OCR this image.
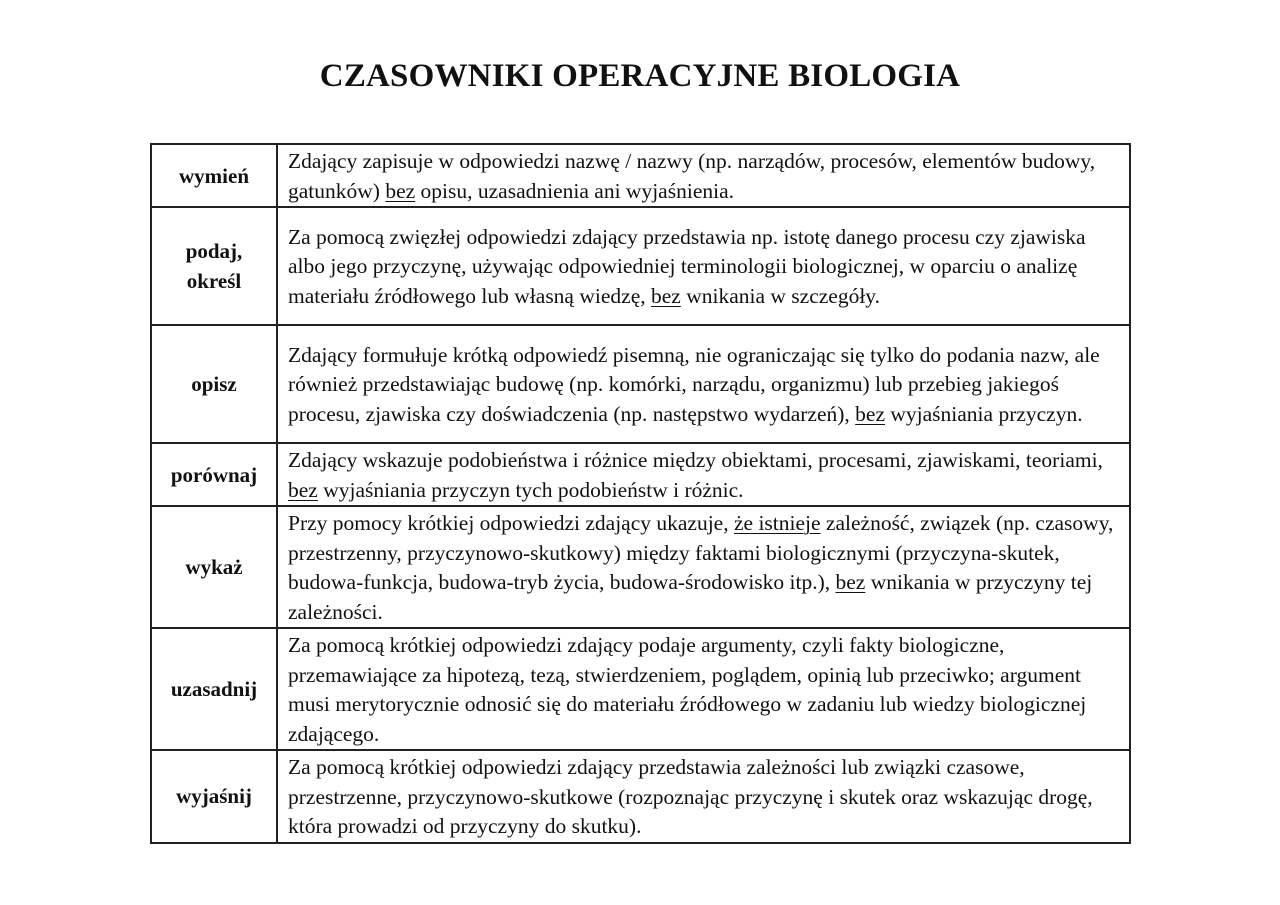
CZASOWNIKI OPERACYJNE BIOLOGIA
wymień	Zdający zapisuje w odpowiedzi nazwę / nazwy (np. narządów, procesów, elementów budowy, gatunków) bez opisu, uzasadnienia ani wyjaśnienia.
podaj, określ	Za pomocą zwięzłej odpowiedzi zdający przedstawia np. istotę danego procesu czy zjawiska albo jego przyczynę, używając odpowiedniej terminologii biologicznej, w oparciu o analizę materiału źródłowego lub własną wiedzę, bez wnikania w szczegóły.
opisz	Zdający formułuje krótką odpowiedź pisemną, nie ograniczając się tylko do podania nazw, ale również przedstawiając budowę (np. komórki, narządu, organizmu) lub przebieg jakiegoś procesu, zjawiska czy doświadczenia (np. następstwo wydarzeń), bez wyjaśniania przyczyn.
porównaj	Zdający wskazuje podobieństwa i różnice między obiektami, procesami, zjawiskami, teoriami, bez wyjaśniania przyczyn tych podobieństw i różnic.
wykaż	Przy pomocy krótkiej odpowiedzi zdający ukazuje, że istnieje zależność, związek (np. czasowy, przestrzenny, przyczynowo-skutkowy) między faktami biologicznymi (przyczyna-skutek, budowa-funkcja, budowa-tryb życia, budowa-środowisko itp.), bez wnikania w przyczyny tej zależności.
uzasadnij	Za pomocą krótkiej odpowiedzi zdający podaje argumenty, czyli fakty biologiczne, przemawiające za hipotezą, tezą, stwierdzeniem, poglądem, opinią lub przeciwko; argument musi merytorycznie odnosić się do materiału źródłowego w zadaniu lub wiedzy biologicznej zdającego.
wyjaśnij	Za pomocą krótkiej odpowiedzi zdający przedstawia zależności lub związki czasowe, przestrzenne, przyczynowo-skutkowe (rozpoznając przyczynę i skutek oraz wskazując drogę, która prowadzi od przyczyny do skutku).
